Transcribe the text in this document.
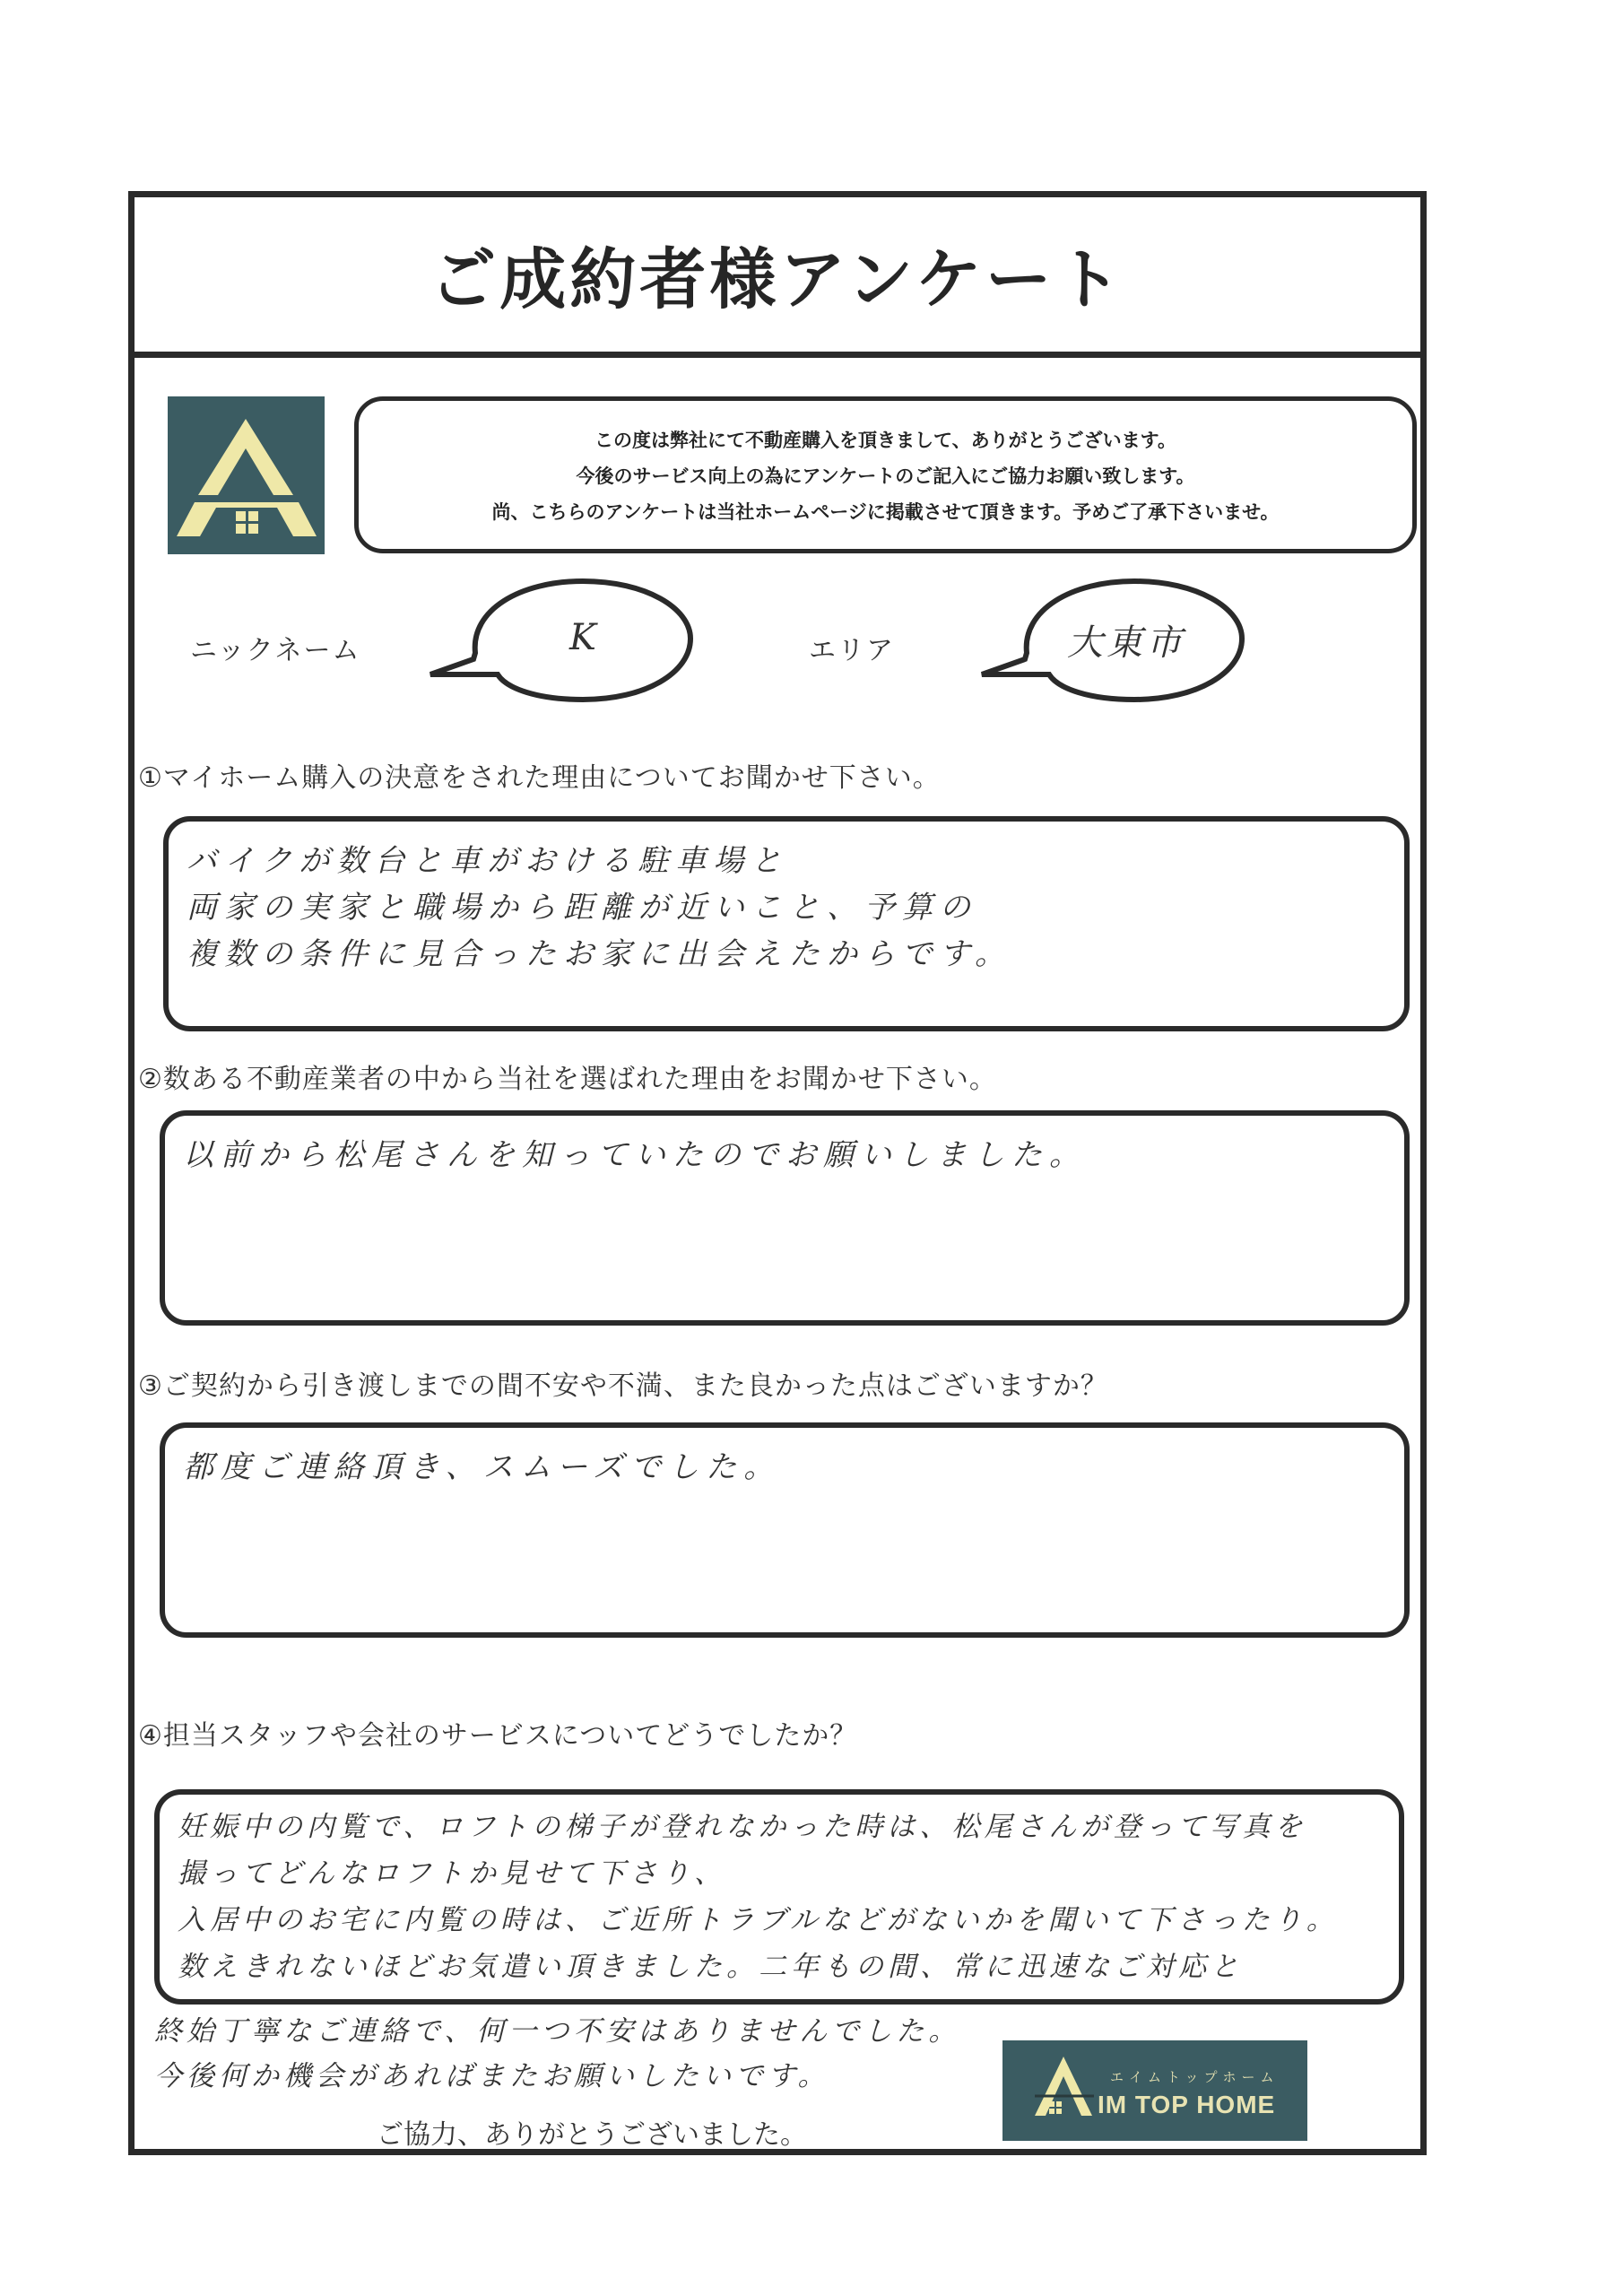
ご成約者様アンケート

この度は弊社にて不動産購入を頂きまして、ありがとうございます。

今後のサービス向上の為にアンケートのご記入にご協力お願い致します。

尚、こちらのアンケートは当社ホームページに掲載させて頂きます。予めご了承下さいませ。

ニックネーム	K	エリア	大東市
①マイホーム購入の決意をされた理由についてお聞かせ下さい。
バイクが数台と車がおける駐車場と
両家の実家と職場から距離が近いこと、予算の
複数の条件に見合ったお家に出会えたからです。
②数ある不動産業者の中から当社を選ばれた理由をお聞かせ下さい。
以前から松尾さんを知っていたのでお願いしました。
③ご契約から引き渡しまでの間不安や不満、また良かった点はございますか？
都度ご連絡頂き、スムーズでした。
④担当スタッフや会社のサービスについてどうでしたか？
妊娠中の内覧で、ロフトの梯子が登れなかった時は、松尾さんが登って写真を
撮ってどんなロフトか見せて下さり、
入居中のお宅に内覧の時は、ご近所トラブルなどがないかを聞いて下さったり。
数えきれないほどお気遣い頂きました。二年もの間、常に迅速なご対応と
終始丁寧なご連絡で、何一つ不安はありませんでした。
今後何か機会があればまたお願いしたいです。
ご協力、ありがとうございました。
エイムトップホーム
IM TOP HOME
